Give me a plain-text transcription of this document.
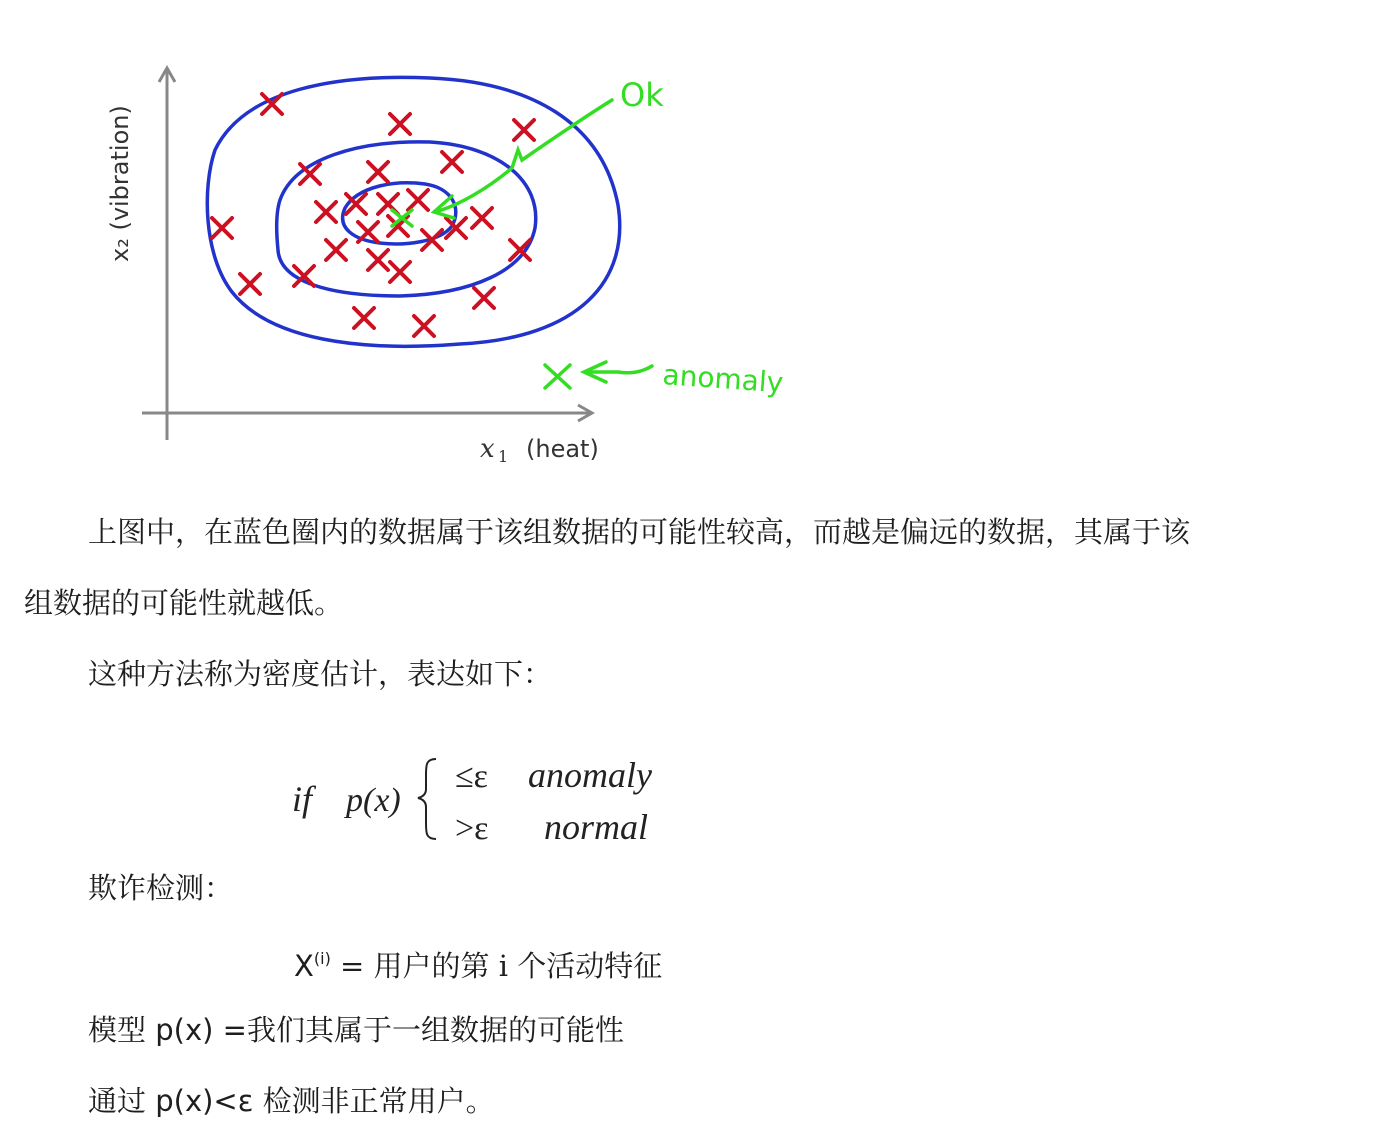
x₂ (vibration)
x 1 (heat)
Ok
anomaly

上图中，在蓝色圈内的数据属于该组数据的可能性较高，而越是偏远的数据，其属于该

组数据的可能性就越低。

这种方法称为密度估计，表达如下：

if p(x)
≤ε anomaly
>ε normal

欺诈检测：

$X^{(i)}$ = 用户的第 i 个活动特征

模型 p(x) =我们其属于一组数据的可能性

通过 p(x)<ε 检测非正常用户。
